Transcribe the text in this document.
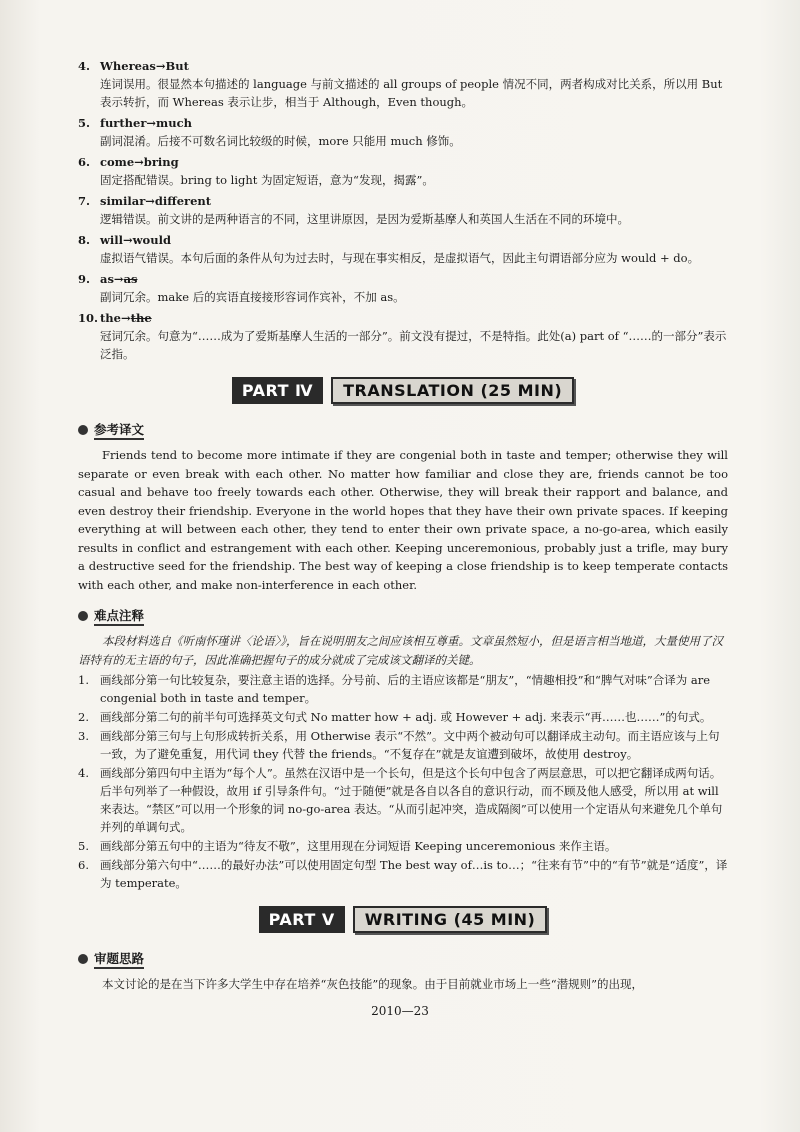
4. Whereas→But
连词误用。很显然本句描述的 language 与前文描述的 all groups of people 情况不同，两者构成对比关系，所以用 But 表示转折，而 Whereas 表示让步，相当于 Although，Even though。
5. further→much
副词混淆。后接不可数名词比较级的时候，more 只能用 much 修饰。
6. come→bring
固定搭配错误。bring to light 为固定短语，意为“发现，揭露”。
7. similar→different
逻辑错误。前文讲的是两种语言的不同，这里讲原因，是因为爱斯基摩人和英国人生活在不同的环境中。
8. will→would
虚拟语气错误。本句后面的条件从句为过去时，与现在事实相反，是虚拟语气，因此主句谓语部分应为 would + do。
9. as→as
副词冗余。make 后的宾语直接接形容词作宾补，不加 as。
10. the→the
冠词冗余。句意为“……成为了爱斯基摩人生活的一部分”。前文没有提过，不是特指。此处(a) part of “……的一部分”表示泛指。
PART Ⅳ	TRANSLATION (25 MIN)
参考译文
Friends tend to become more intimate if they are congenial both in taste and temper; otherwise they will separate or even break with each other. No matter how familiar and close they are, friends cannot be too casual and behave too freely towards each other. Otherwise, they will break their rapport and balance, and even destroy their friendship. Everyone in the world hopes that they have their own private spaces. If keeping everything at will between each other, they tend to enter their own private space, a no-go-area, which easily results in conflict and estrangement with each other. Keeping unceremonious, probably just a trifle, may bury a destructive seed for the friendship. The best way of keeping a close friendship is to keep temperate contacts with each other, and make non-interference in each other.
难点注释
本段材料选自《听南怀瑾讲〈论语〉》，旨在说明朋友之间应该相互尊重。文章虽然短小，但是语言相当地道，大量使用了汉语特有的无主语的句子，因此准确把握句子的成分就成了完成该文翻译的关键。
1. 画线部分第一句比较复杂，要注意主语的选择。分号前、后的主语应该都是“朋友”，“情趣相投”和“脾气对味”合译为 are congenial both in taste and temper。
2. 画线部分第二句的前半句可选择英文句式 No matter how + adj. 或 However + adj. 来表示“再……也……”的句式。
3. 画线部分第三句与上句形成转折关系，用 Otherwise 表示“不然”。文中两个被动句可以翻译成主动句。而主语应该与上句一致，为了避免重复，用代词 they 代替 the friends。“不复存在”就是友谊遭到破坏，故使用 destroy。
4. 画线部分第四句中主语为“每个人”。虽然在汉语中是一个长句，但是这个长句中包含了两层意思，可以把它翻译成两句话。后半句列举了一种假设，故用 if 引导条件句。“过于随便”就是各自以各自的意识行动，而不顾及他人感受，所以用 at will 来表达。“禁区”可以用一个形象的词 no-go-area 表达。“从而引起冲突，造成隔阂”可以使用一个定语从句来避免几个单句并列的单调句式。
5. 画线部分第五句中的主语为“待友不敬”，这里用现在分词短语 Keeping unceremonious 来作主语。
6. 画线部分第六句中“……的最好办法”可以使用固定句型 The best way of…is to…；“往来有节”中的“有节”就是“适度”，译为 temperate。
PART Ⅴ	WRITING (45 MIN)
审题思路
本文讨论的是在当下许多大学生中存在培养“灰色技能”的现象。由于目前就业市场上一些“潜规则”的出现，
2010—23
